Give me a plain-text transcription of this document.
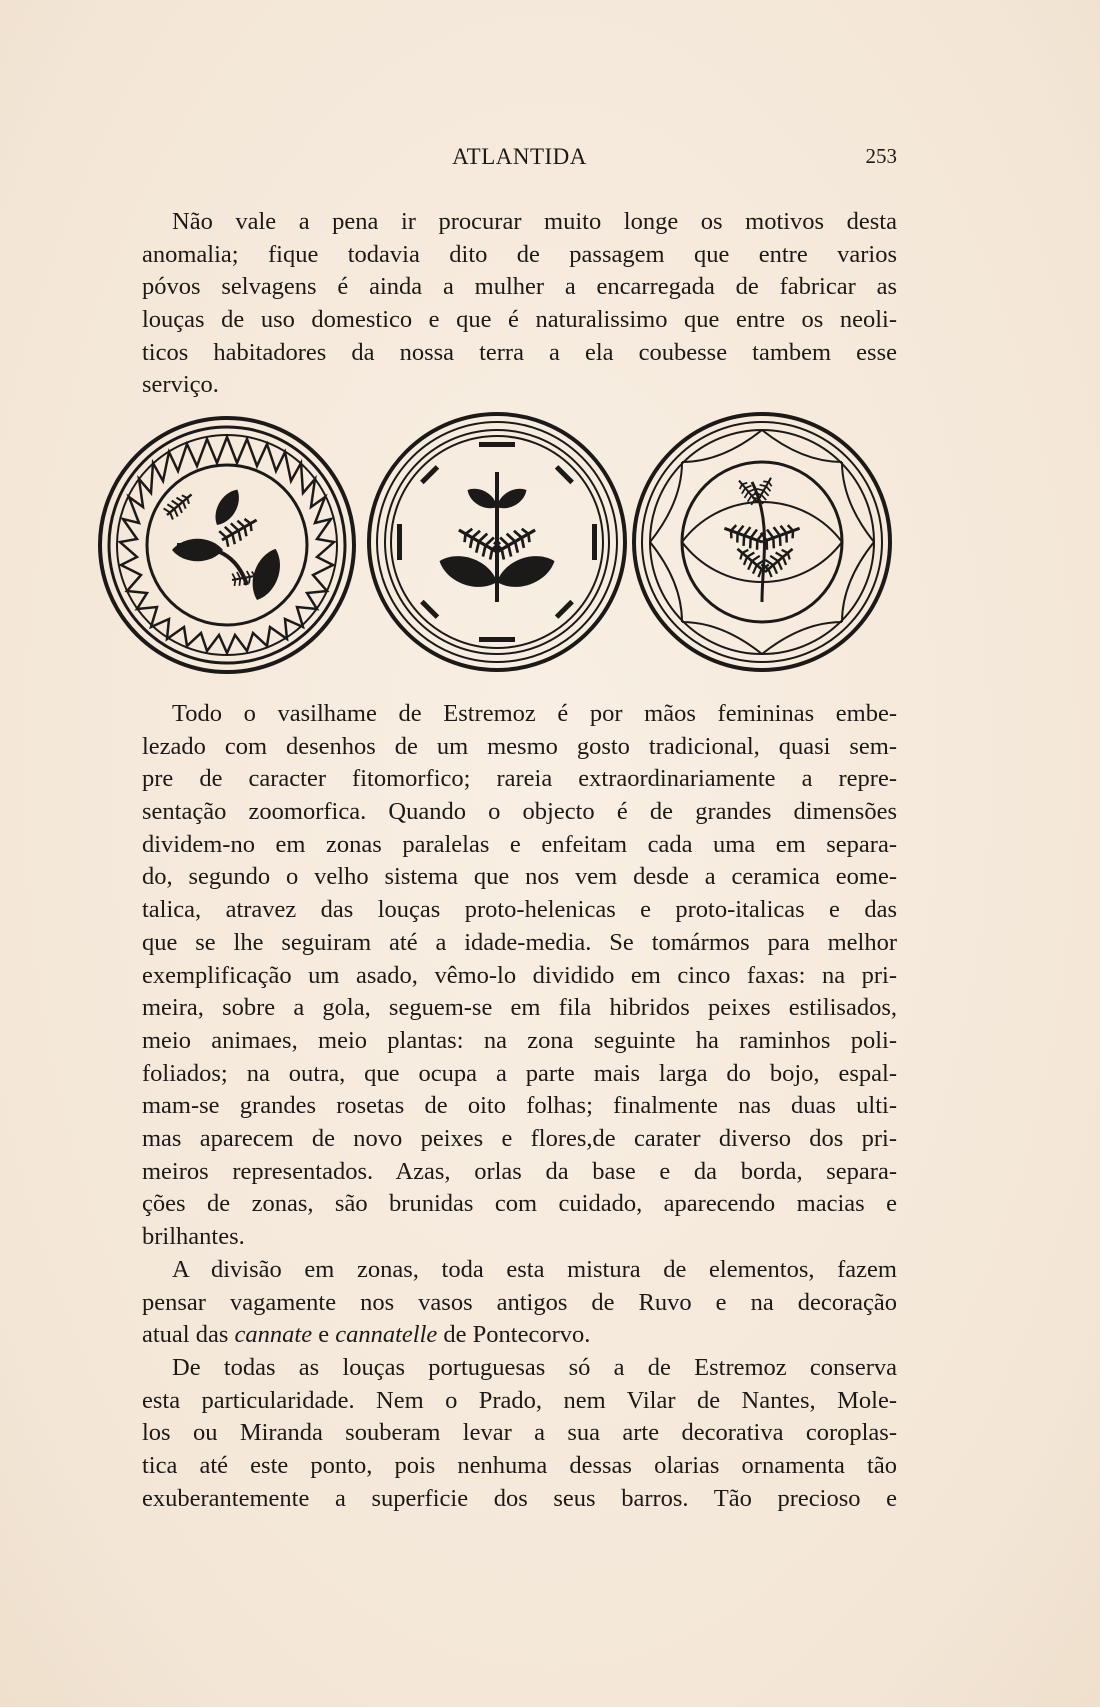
ATLANTIDA	253
Não vale a pena ir procurar muito longe os motivos desta
anomalia; fique todavia dito de passagem que entre varios
póvos selvagens é ainda a mulher a encarregada de fabricar as
louças de uso domestico e que é naturalissimo que entre os neoli-
ticos habitadores da nossa terra a ela coubesse tambem esse
serviço.
Todo o vasilhame de Estremoz é por mãos femininas embe-
lezado com desenhos de um mesmo gosto tradicional, quasi sem-
pre de caracter fitomorfico; rareia extraordinariamente a repre-
sentação zoomorfica. Quando o objecto é de grandes dimensões
dividem-no em zonas paralelas e enfeitam cada uma em separa-
do, segundo o velho sistema que nos vem desde a ceramica eome-
talica, atravez das louças proto-helenicas e proto-italicas e das
que se lhe seguiram até a idade-media. Se tomármos para melhor
exemplificação um asado, vêmo-lo dividido em cinco faxas: na pri-
meira, sobre a gola, seguem-se em fila hibridos peixes estilisados,
meio animaes, meio plantas: na zona seguinte ha raminhos poli-
foliados; na outra, que ocupa a parte mais larga do bojo, espal-
mam-se grandes rosetas de oito folhas; finalmente nas duas ulti-
mas aparecem de novo peixes e flores,de carater diverso dos pri-
meiros representados. Azas, orlas da base e da borda, separa-
ções de zonas, são brunidas com cuidado, aparecendo macias e
brilhantes.
A divisão em zonas, toda esta mistura de elementos, fazem
pensar vagamente nos vasos antigos de Ruvo e na decoração
atual das cannate e cannatelle de Pontecorvo.
De todas as louças portuguesas só a de Estremoz conserva
esta particularidade. Nem o Prado, nem Vilar de Nantes, Mole-
los ou Miranda souberam levar a sua arte decorativa coroplas-
tica até este ponto, pois nenhuma dessas olarias ornamenta tão
exuberantemente a superficie dos seus barros. Tão precioso e
